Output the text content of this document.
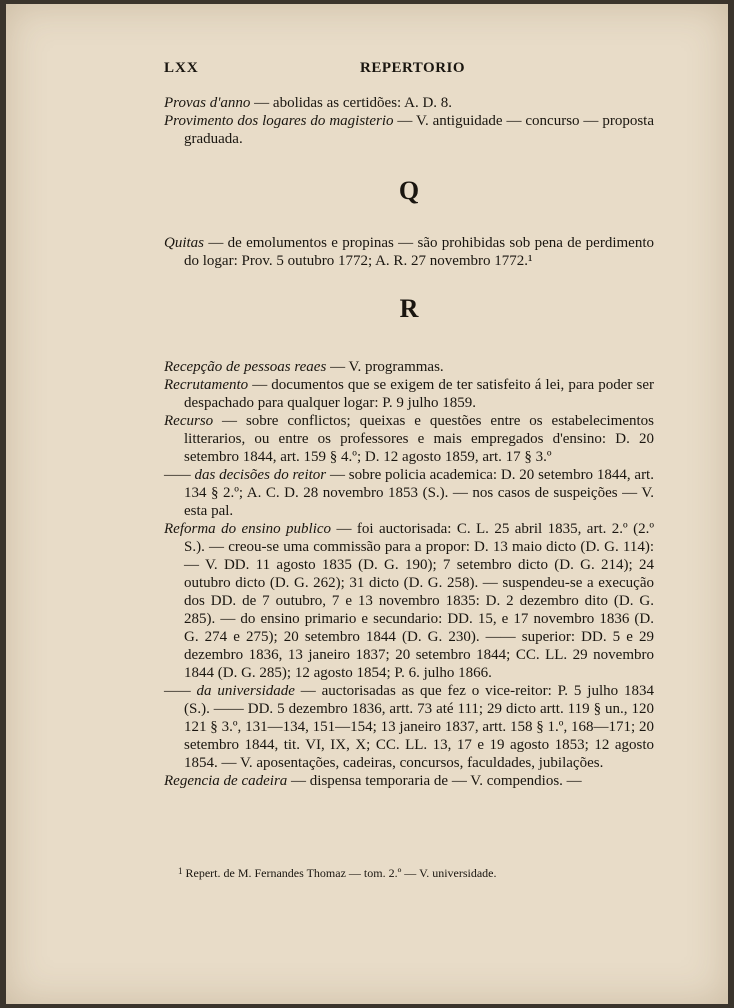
LXX	REPERTORIO

Provas d'anno — abolidas as certidões: A. D. 8.

Provimento dos logares do magisterio — V. antiguidade — concurso — proposta graduada.

Q

Quitas — de emolumentos e propinas — são prohibidas sob pena de perdimento do logar: Prov. 5 outubro 1772; A. R. 27 novembro 1772.¹

R

Recepção de pessoas reaes — V. programmas.

Recrutamento — documentos que se exigem de ter satisfeito á lei, para poder ser despachado para qualquer logar: P. 9 julho 1859.

Recurso — sobre conflictos; queixas e questões entre os estabelecimentos litterarios, ou entre os professores e mais empregados d'ensino: D. 20 setembro 1844, art. 159 § 4.º; D. 12 agosto 1859, art. 17 § 3.º

—— das decisões do reitor — sobre policia academica: D. 20 setembro 1844, art. 134 § 2.º; A. C. D. 28 novembro 1853 (S.). — nos casos de suspeições — V. esta pal.

Reforma do ensino publico — foi auctorisada: C. L. 25 abril 1835, art. 2.º (2.º S.). — creou-se uma commissão para a propor: D. 13 maio dicto (D. G. 114): — V. DD. 11 agosto 1835 (D. G. 190); 7 setembro dicto (D. G. 214); 24 outubro dicto (D. G. 262); 31 dicto (D. G. 258). — suspendeu-se a execução dos DD. de 7 outubro, 7 e 13 novembro 1835: D. 2 dezembro dito (D. G. 285). — do ensino primario e secundario: DD. 15, e 17 novembro 1836 (D. G. 274 e 275); 20 setembro 1844 (D. G. 230). —— superior: DD. 5 e 29 dezembro 1836, 13 janeiro 1837; 20 setembro 1844; CC. LL. 29 novembro 1844 (D. G. 285); 12 agosto 1854; P. 6. julho 1866.

—— da universidade — auctorisadas as que fez o vice-reitor: P. 5 julho 1834 (S.). —— DD. 5 dezembro 1836, artt. 73 até 111; 29 dicto artt. 119 § un., 120 121 § 3.º, 131—134, 151—154; 13 janeiro 1837, artt. 158 § 1.º, 168—171; 20 setembro 1844, tit. VI, IX, X; CC. LL. 13, 17 e 19 agosto 1853; 12 agosto 1854. — V. aposentações, cadeiras, concursos, faculdades, jubilações.

Regencia de cadeira — dispensa temporaria de — V. compendios. —

$^1$ Repert. de M. Fernandes Thomaz — tom. 2.º — V. universidade.
